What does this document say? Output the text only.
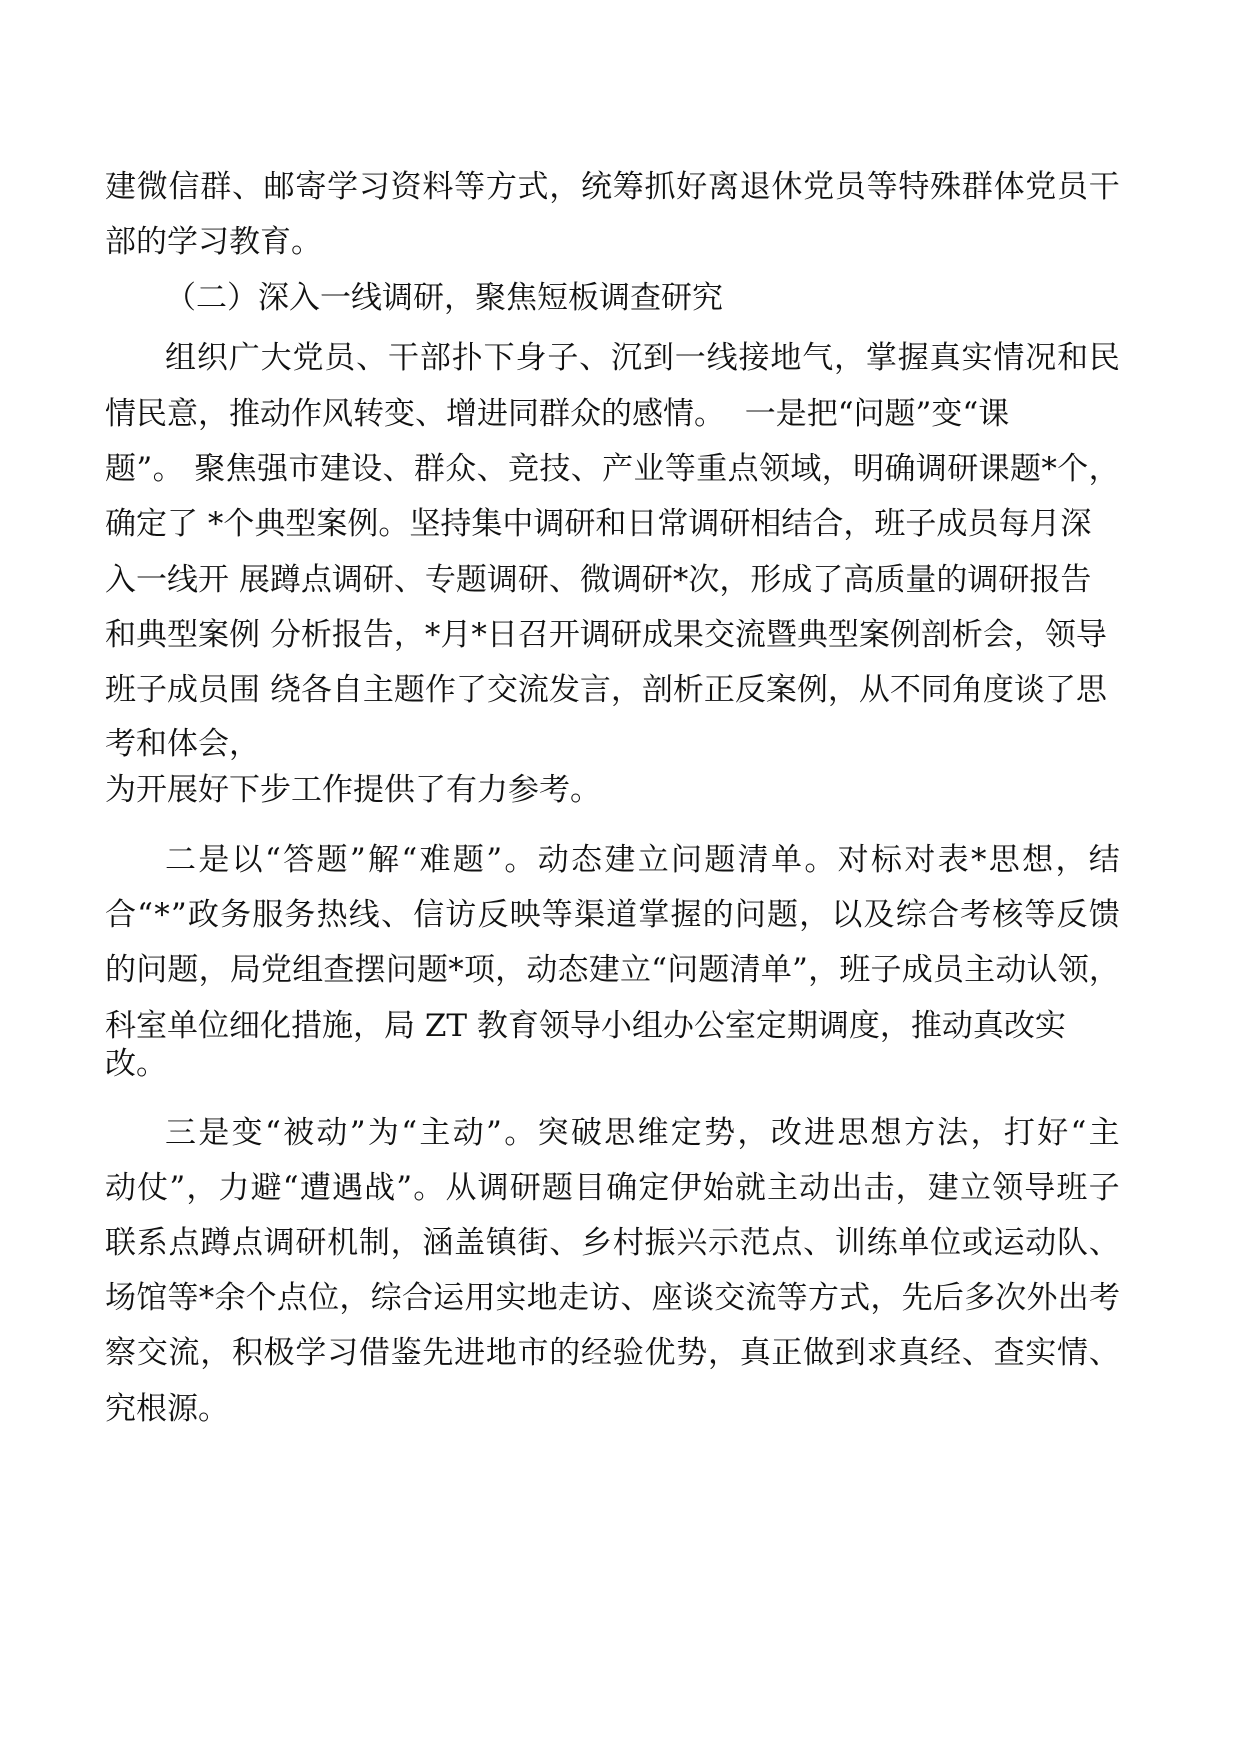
建 微 信 群 、 邮 寄 学 习 资 料 等 方 式 ， 统 筹 抓 好 离 退 休 党 员 等 特 殊 群 体 党 员 干
部的学习教育。
（二）深入一线调研，聚焦短板调查研究
组 织 广 大 党 员 、 干 部 扑 下 身 子 、 沉 到 一 线 接 地 气 ， 掌 握 真 实 情 况 和 民
情民意，推动作风转变、增进同群众的感情。  一是把“问题”变“课
题 ” 。
聚 焦 强 市 建 设 、 群 众 、 竞 技 、 产 业 等 重 点 领 域 ， 明 确 调 研 课 题 * 个 ，
确定了 *个典型案例。坚持集中调研和日常调研相结合，班子成员每月深
入一线开 展蹲点调研、专题调研、微调研*次，形成了高质量的调研报告
和典型案例 分析报告，*月*日召开调研成果交流暨典型案例剖析会，领导
班子成员围 绕各自主题作了交流发言，剖析正反案例，从不同角度谈了思
考和体会，
为开展好下步工作提供了有力参考。
二 是 以 “ 答 题 ” 解 “ 难 题 ” 。 动 态 建 立 问 题 清 单 。 对 标 对 表 * 思 想 ， 结
合 “ * ” 政 务 服 务 热 线 、 信 访 反 映 等 渠 道 掌 握 的 问 题 ， 以 及 综 合 考 核 等 反 馈
的 问 题 ， 局 党 组 查 摆 问 题 * 项 ， 动 态 建 立 “ 问 题 清 单 ” ， 班 子 成 员 主 动 认 领 ，
科室单位细化措施，局 ZT 教育领导小组办公室定期调度，推动真改实
改。
三 是 变 “ 被 动 ” 为 “ 主 动 ” 。 突 破 思 维 定 势 ， 改 进 思 想 方 法 ， 打 好 “ 主
动 仗 ” ， 力 避 “ 遭 遇 战 ” 。 从 调 研 题 目 确 定 伊 始 就 主 动 出 击 ， 建 立 领 导 班 子
联 系 点 蹲 点 调 研 机 制 ， 涵 盖 镇 街 、 乡 村 振 兴 示 范 点 、 训 练 单 位 或 运 动 队 、
场 馆 等 * 余 个 点 位 ， 综 合 运 用 实 地 走 访 、 座 谈 交 流 等 方 式 ， 先 后 多 次 外 出 考
察 交 流 ， 积 极 学 习 借 鉴 先 进 地 市 的 经 验 优 势 ， 真 正 做 到 求 真 经 、 查 实 情 、
究根源。
